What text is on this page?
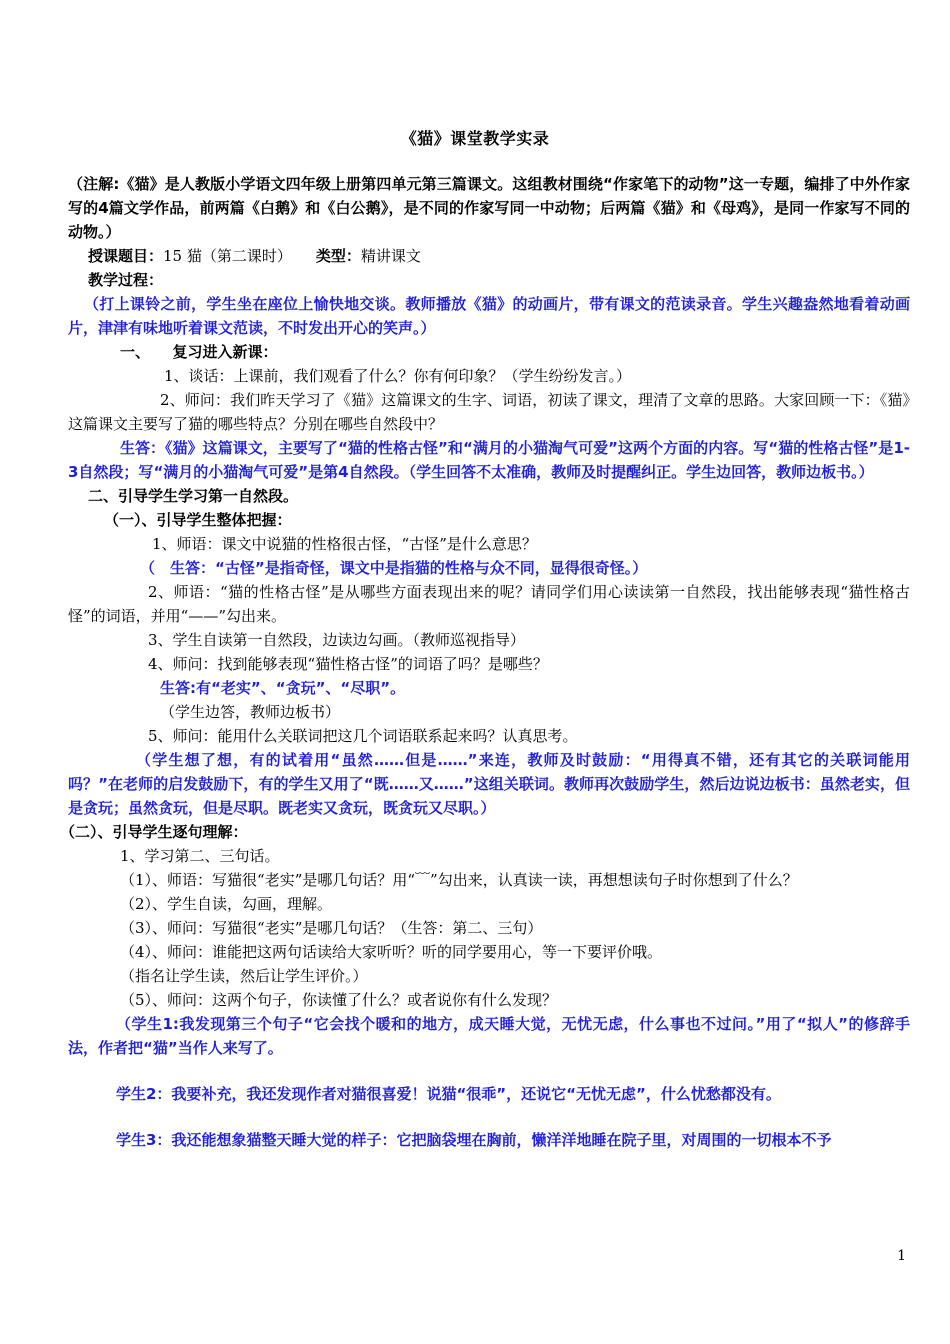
《猫》课堂教学实录

（注解:《猫》是人教版小学语文四年级上册第四单元第三篇课文。这组教材围绕“作家笔下的动物”这一专题，编排了中外作家写的4篇文学作品，前两篇《白鹅》和《白公鹅》，是不同的作家写同一中动物；后两篇《猫》和《母鸡》，是同一作家写不同的动物。）

授课题目：15 猫（第二课时） 类型：精讲课文

教学过程：

（打上课铃之前，学生坐在座位上愉快地交谈。教师播放《猫》的动画片，带有课文的范读录音。学生兴趣盎然地看着动画片，津津有味地听着课文范读，不时发出开心的笑声。）

一、　　复习进入新课：

1、谈话：上课前，我们观看了什么？你有何印象？（学生纷纷发言。）

2、师问：我们昨天学习了《猫》这篇课文的生字、词语，初读了课文，理清了文章的思路。大家回顾一下：《猫》这篇课文主要写了猫的哪些特点？分别在哪些自然段中？

生答：《猫》这篇课文，主要写了“猫的性格古怪”和“满月的小猫淘气可爱”这两个方面的内容。写“猫的性格古怪”是1-3自然段；写“满月的小猫淘气可爱”是第4自然段。（学生回答不太准确，教师及时提醒纠正。学生边回答，教师边板书。）

二、引导学生学习第一自然段。

（一）、引导学生整体把握：

1、师语：课文中说猫的性格很古怪，“古怪”是什么意思？

（　生答：“古怪”是指奇怪，课文中是指猫的性格与众不同，显得很奇怪。）

2、师语：“猫的性格古怪”是从哪些方面表现出来的呢？请同学们用心读读第一自然段，找出能够表现“猫性格古怪”的词语，并用“——”勾出来。

3、学生自读第一自然段，边读边勾画。（教师巡视指导）

4、师问：找到能够表现“猫性格古怪”的词语了吗？是哪些？

生答:有“老实”、“贪玩”、“尽职”。

（学生边答，教师边板书）

5、师问：能用什么关联词把这几个词语联系起来吗？认真思考。

（学生想了想，有的试着用“虽然……但是……”来连，教师及时鼓励：“用得真不错，还有其它的关联词能用吗？”在老师的启发鼓励下，有的学生又用了“既……又……”这组关联词。教师再次鼓励学生，然后边说边板书：虽然老实，但是贪玩；虽然贪玩，但是尽职。既老实又贪玩，既贪玩又尽职。）

（二）、引导学生逐句理解：

1、学习第二、三句话。

（1）、师语：写猫很“老实”是哪几句话？用“﹋”勾出来，认真读一读，再想想读句子时你想到了什么？

（2）、学生自读，勾画，理解。

（3）、师问：写猫很“老实”是哪几句话？（生答：第二、三句）

（4）、师问：谁能把这两句话读给大家听听？听的同学要用心，等一下要评价哦。

（指名让学生读，然后让学生评价。）

（5）、师问：这两个句子，你读懂了什么？或者说你有什么发现？

（学生1:我发现第三个句子“它会找个暖和的地方，成天睡大觉，无忧无虑，什么事也不过问。”用了“拟人”的修辞手法，作者把“猫”当作人来写了。

学生2：我要补充，我还发现作者对猫很喜爱！说猫“很乖”，还说它“无忧无虑”，什么忧愁都没有。

学生3：我还能想象猫整天睡大觉的样子：它把脑袋埋在胸前，懒洋洋地睡在院子里，对周围的一切根本不予

1
